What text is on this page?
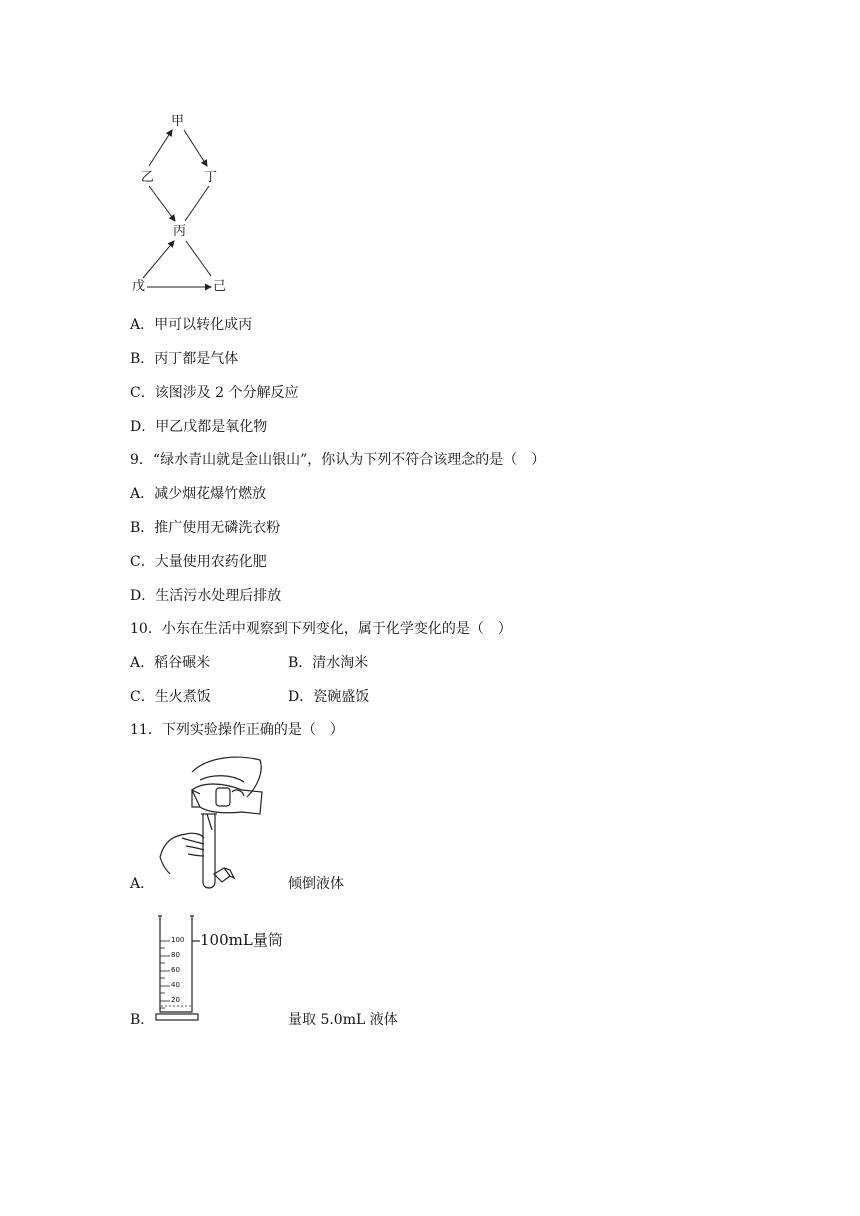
甲
乙	丁
丙
戊	己
A．甲可以转化成丙
B．丙丁都是气体
C．该图涉及 2 个分解反应
D．甲乙戊都是氧化物
9．“绿水青山就是金山银山”，你认为下列不符合该理念的是（　）
A．减少烟花爆竹燃放
B．推广使用无磷洗衣粉
C．大量使用农药化肥
D．生活污水处理后排放
10．小东在生活中观察到下列变化，属于化学变化的是（　）
A．稻谷碾米	B．清水淘米
C．生火煮饭	D．瓷碗盛饭
11．下列实验操作正确的是（　）
A．	倾倒液体
100
80
60
40
20
100mL量筒
B．	量取 5.0mL 液体
